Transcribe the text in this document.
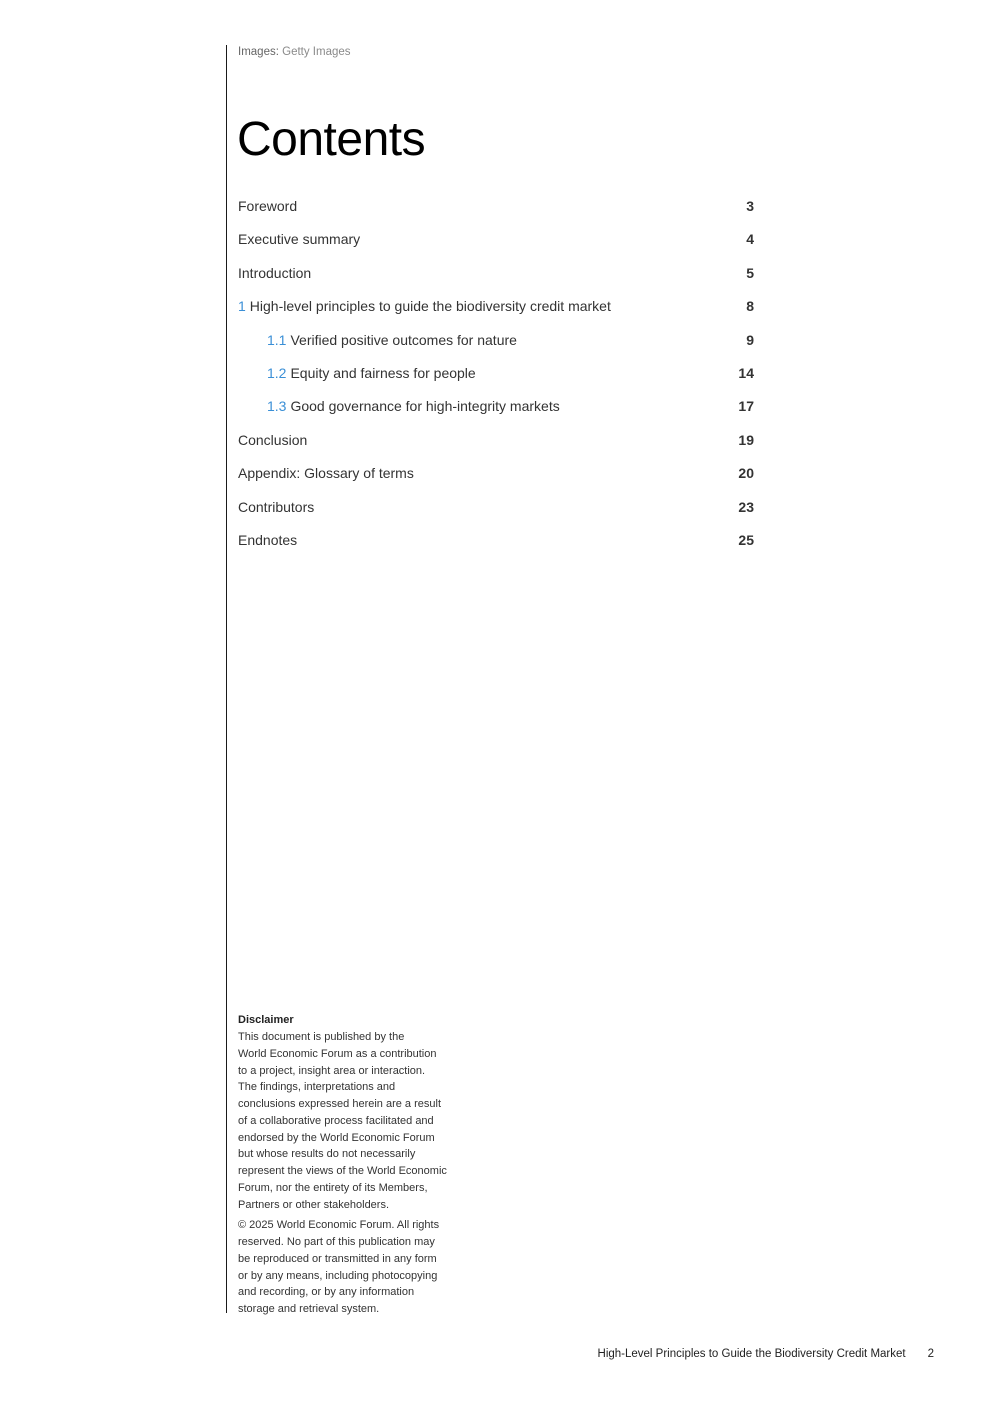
Images: Getty Images
Contents
Foreword	3
Executive summary	4
Introduction	5
1 High-level principles to guide the biodiversity credit market	8
1.1 Verified positive outcomes for nature	9
1.2 Equity and fairness for people	14
1.3 Good governance for high-integrity markets	17
Conclusion	19
Appendix: Glossary of terms	20
Contributors	23
Endnotes	25
Disclaimer

This document is published by the
World Economic Forum as a contribution
to a project, insight area or interaction.
The findings, interpretations and
conclusions expressed herein are a result
of a collaborative process facilitated and
endorsed by the World Economic Forum
but whose results do not necessarily
represent the views of the World Economic
Forum, nor the entirety of its Members,
Partners or other stakeholders.

© 2025 World Economic Forum. All rights
reserved. No part of this publication may
be reproduced or transmitted in any form
or by any means, including photocopying
and recording, or by any information
storage and retrieval system.

High-Level Principles to Guide the Biodiversity Credit Market 2
